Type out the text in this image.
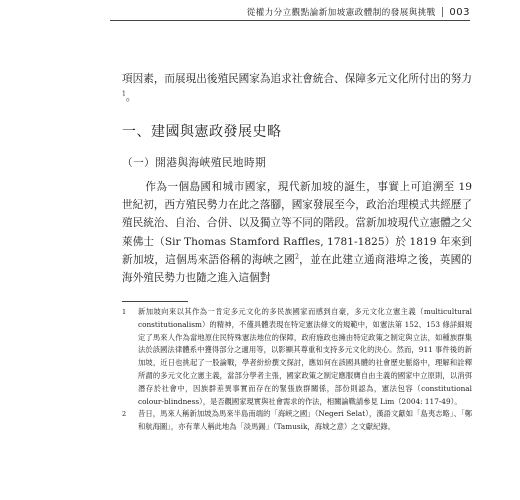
從權力分立觀點論新加坡憲政體制的發展與挑戰 │ 003
項因素，而展現出後殖民國家為追求社會統合、保障多元文化所付出的努力$^1$。
一、建國與憲政發展史略
（一）開港與海峽殖民地時期
作為一個島國和城市國家，現代新加坡的誕生，事實上可追溯至 19 世紀初，西方殖民勢力在此之落腳，國家發展至今，政治治理模式共經歷了殖民統治、自治、合併、以及獨立等不同的階段。當新加坡現代立憲體之父萊佛士（Sir Thomas Stamford Raffles, 1781-1825）於 1819 年來到新加坡，這個馬來語俗稱的海峽之國$^2$，並在此建立通商港埠之後，英國的海外殖民勢力也隨之進入這個對
1 新加坡向來以其作為一肯定多元文化的多民族國家而感到自豪，多元文化立憲主義（multicultural constitutionalism）的精神，不僅具體表現在特定憲法條文的規範中，如憲法第 152、153 條詳細規定了馬來人作為當地原住民特殊憲法地位的保障，政府施政也擁由特定政策之制定與立法，如種族群集法於該國法律體系中獲得部分之適用等，以影顯其尊重和支持多元文化的決心。然而，911 事件後的新加坡，近日也挑起了一股論戰，學者紛紛撰文探討，應如何在該國具體的社會歷史脈絡中，理解和詮釋所謂的多元文化立憲主義，當部分學者主張，國家政策之制定應服膺自由主義的國家中立原則，以消弭潛存於社會中，因族群差異事實而存在的緊張族群關係，部份則認為，憲法包容（constitutional colour-blindness），是否觀國家現實與社會需求的作法，相關論戰請參見 Lim（2004: 117-49）。
2 昔日，馬來人稱新加坡為馬來半島南端的「海峽之國」（Negeri Selat），漢語文獻如「島夷志略」、「鄭和航海圖」，亦有華人稱此地為「淡馬錫」（Tamusik，海城之意）之文獻紀錄。
